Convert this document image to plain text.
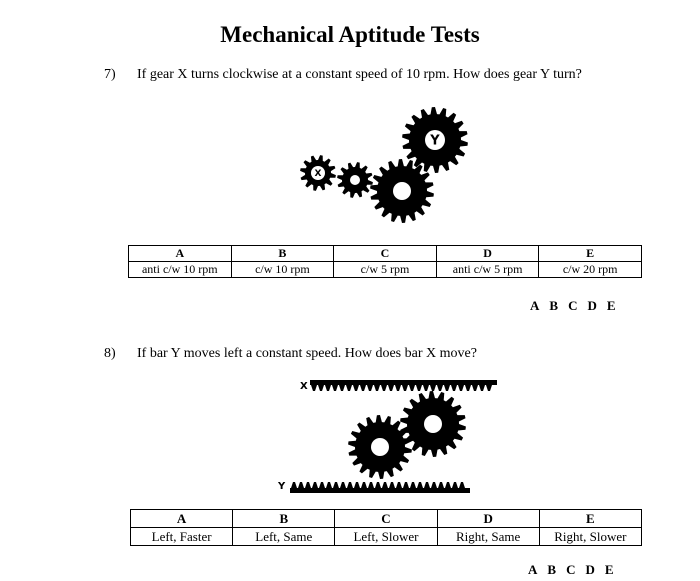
Mechanical Aptitude Tests
7) If gear X turns clockwise at a constant speed of 10 rpm. How does gear Y turn?
X
Y
X
Y
A	B	C	D	E
anti c/w 10 rpm	c/w 10 rpm	c/w 5 rpm	anti c/w 5 rpm	c/w 20 rpm
A B C D E
8) If bar Y moves left a constant speed. How does bar X move?
A	B	C	D	E
Left, Faster	Left, Same	Left, Slower	Right, Same	Right, Slower
A B C D E
